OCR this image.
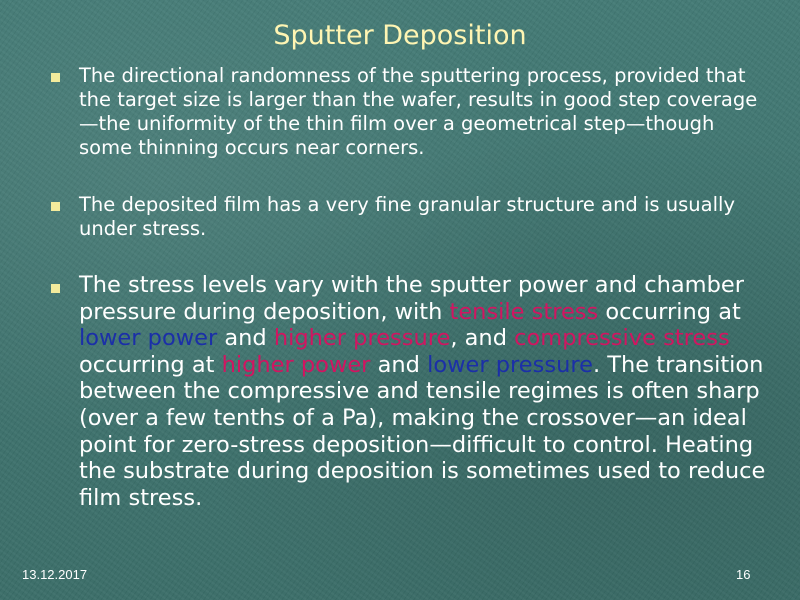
Sputter Deposition
The directional randomness of the sputtering process, provided that the target size is larger than the wafer, results in good step coverage—the uniformity of the thin film over a geometrical step—though some thinning occurs near corners.
The deposited film has a very fine granular structure and is usually under stress.
The stress levels vary with the sputter power and chamber pressure during deposition, with tensile stress occurring at lower power and higher pressure, and compressive stress occurring at higher power and lower pressure. The transition between the compressive and tensile regimes is often sharp (over a few tenths of a Pa), making the crossover—an ideal point for zero-stress deposition—difficult to control. Heating the substrate during deposition is sometimes used to reduce film stress.
13.12.2017	16
